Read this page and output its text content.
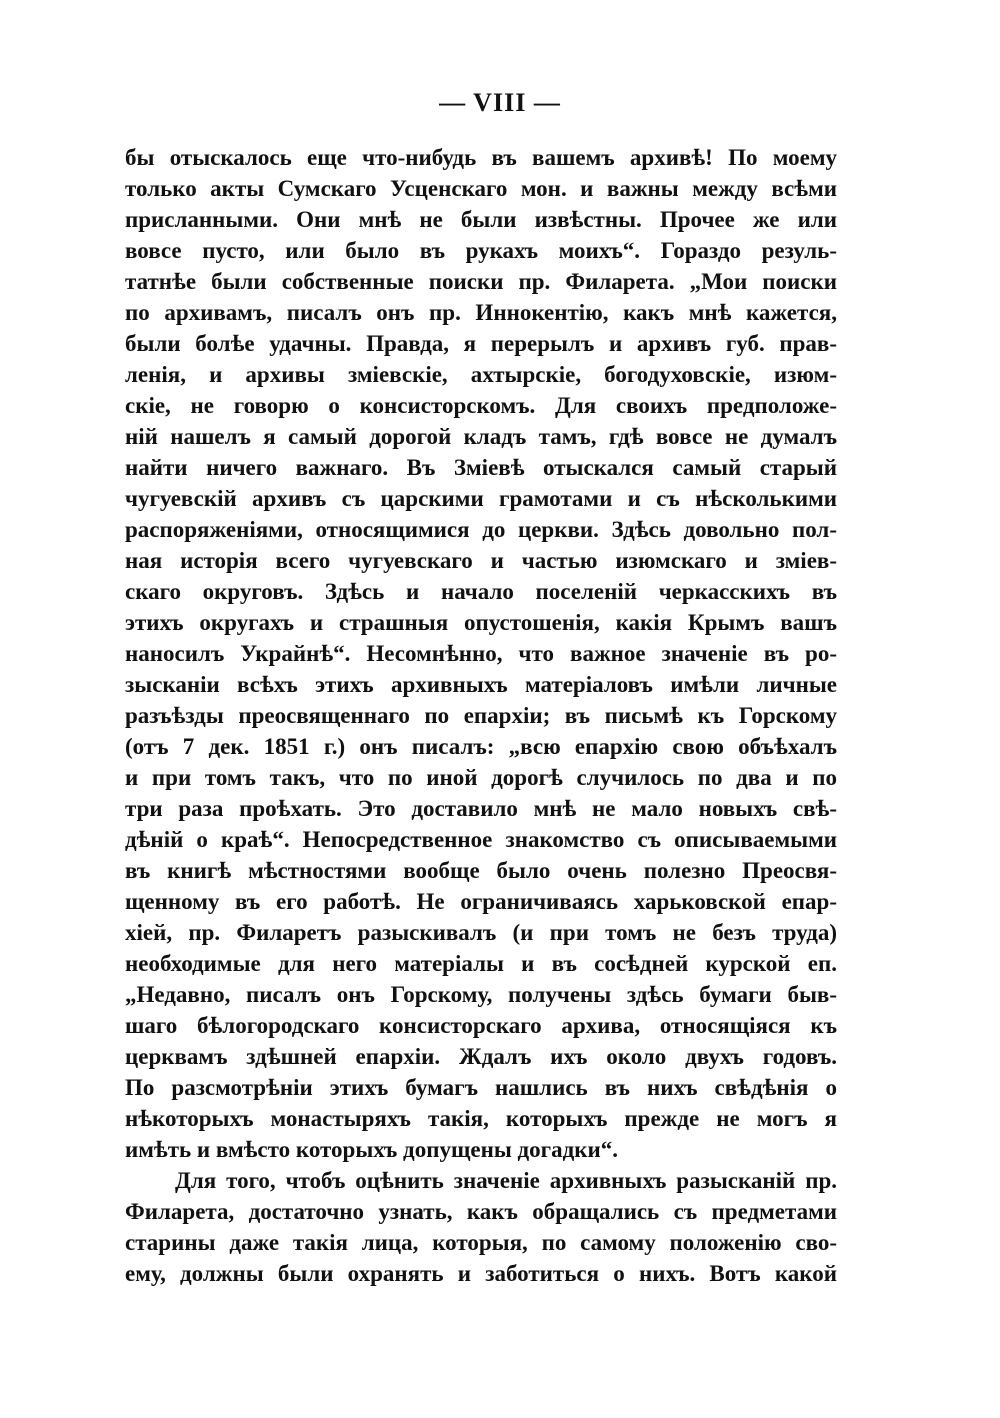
— VIII —
бы отыскалось еще что-нибудь въ вашемъ архивѣ! По моему
только акты Сумскаго Усценскаго мон. и важны между всѣми
присланными. Они мнѣ не были извѣстны. Прочее же или
вовсе пусто, или было въ рукахъ моихъ“. Гораздо резуль-
татнѣе были собственные поиски пр. Филарета. „Мои поиски
по архивамъ, писалъ онъ пр. Иннокентію, какъ мнѣ кажется,
были болѣе удачны. Правда, я перерылъ и архивъ губ. прав-
ленія, и архивы зміевскіе, ахтырскіе, богодуховскіе, изюм-
скіе, не говорю о консисторскомъ. Для своихъ предположе-
ній нашелъ я самый дорогой кладъ тамъ, гдѣ вовсе не думалъ
найти ничего важнаго. Въ Зміевѣ отыскался самый старый
чугуевскій архивъ съ царскими грамотами и съ нѣсколькими
распоряженіями, относящимися до церкви. Здѣсь довольно пол-
ная исторія всего чугуевскаго и частью изюмскаго и зміев-
скаго округовъ. Здѣсь и начало поселеній черкасскихъ въ
этихъ округахъ и страшныя опустошенія, какія Крымъ вашъ
наносилъ Украйнѣ“. Несомнѣнно, что важное значеніе въ ро-
зысканіи всѣхъ этихъ архивныхъ матеріаловъ имѣли личные
разъѣзды преосвященнаго по епархіи; въ письмѣ къ Горскому
(отъ 7 дек. 1851 г.) онъ писалъ: „всю епархію свою объѣхалъ
и при томъ такъ, что по иной дорогѣ случилось по два и по
три раза проѣхать. Это доставило мнѣ не мало новыхъ свѣ-
дѣній о краѣ“. Непосредственное знакомство съ описываемыми
въ книгѣ мѣстностями вообще было очень полезно Преосвя-
щенному въ его работѣ. Не ограничиваясь харьковской епар-
хіей, пр. Филаретъ разыскивалъ (и при томъ не безъ труда)
необходимые для него матеріалы и въ сосѣдней курской еп.
„Недавно, писалъ онъ Горскому, получены здѣсь бумаги быв-
шаго бѣлогородскаго консисторскаго архива, относящіяся къ
церквамъ здѣшней епархіи. Ждалъ ихъ около двухъ годовъ.
По разсмотрѣніи этихъ бумагъ нашлись въ нихъ свѣдѣнія о
нѣкоторыхъ монастыряхъ такія, которыхъ прежде не могъ я
имѣть и вмѣсто которыхъ допущены догадки“.
Для того, чтобъ оцѣнить значеніе архивныхъ разысканій пр.
Филарета, достаточно узнать, какъ обращались съ предметами
старины даже такія лица, которыя, по самому положенію сво-
ему, должны были охранять и заботиться о нихъ. Вотъ какой
